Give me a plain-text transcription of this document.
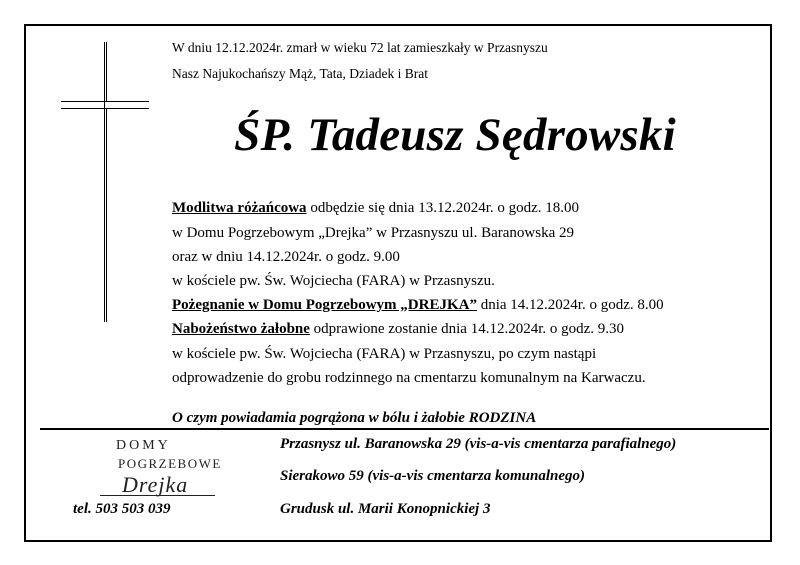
W dniu 12.12.2024r. zmarł w wieku 72 lat zamieszkały w Przasnyszu
Nasz Najukochańszy Mąż, Tata, Dziadek i Brat
ŚP. Tadeusz Sędrowski
Modlitwa różańcowa odbędzie się dnia 13.12.2024r. o godz. 18.00
w Domu Pogrzebowym „Drejka” w Przasnyszu ul. Baranowska 29
oraz w dniu 14.12.2024r. o godz. 9.00
w kościele pw. Św. Wojciecha (FARA) w Przasnyszu.
Pożegnanie w Domu Pogrzebowym „DREJKA” dnia 14.12.2024r. o godz. 8.00
Nabożeństwo żałobne odprawione zostanie dnia 14.12.2024r. o godz. 9.30
w kościele pw. Św. Wojciecha (FARA) w Przasnyszu, po czym nastąpi
odprowadzenie do grobu rodzinnego na cmentarzu komunalnym na Karwaczu.
O czym powiadamia pogrążona w bólu i żałobie RODZINA
DOMY
POGRZEBOWE
Drejka
tel. 503 503 039
Przasnysz ul. Baranowska 29 (vis-a-vis cmentarza parafialnego)
Sierakowo 59 (vis-a-vis cmentarza komunalnego)
Grudusk ul. Marii Konopnickiej 3
